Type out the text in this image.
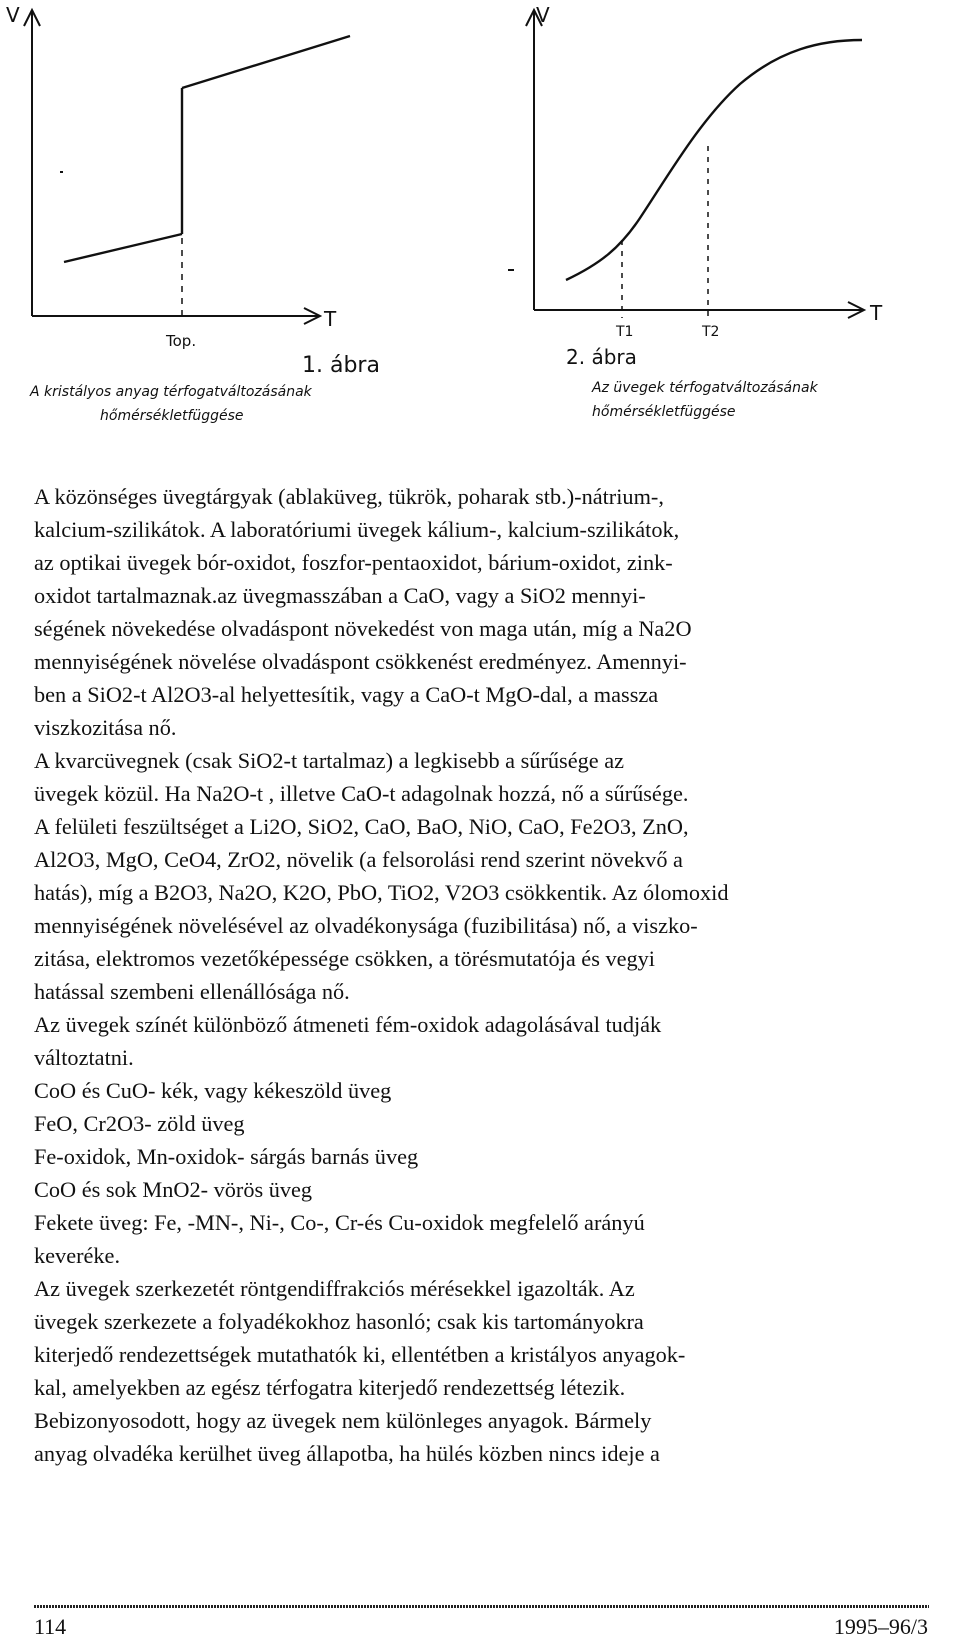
V
T
Top.
1. ábra
A kristályos anyag térfogatváltozásának
hőmérsékletfüggése
V
T
T1	T2
2. ábra
Az üvegek térfogatváltozásának
hőmérsékletfüggése
A közönséges üvegtárgyak (ablaküveg, tükrök, poharak stb.)-nátrium-,
kalcium-szilikátok. A laboratóriumi üvegek kálium-, kalcium-szilikátok,
az optikai üvegek bór-oxidot, foszfor-pentaoxidot, bárium-oxidot, zink-
oxidot tartalmaznak.az üvegmasszában a CaO, vagy a SiO2 mennyi-
ségének növekedése olvadáspont növekedést von maga után, míg a Na2O
mennyiségének növelése olvadáspont csökkenést eredményez. Amennyi-
ben a SiO2-t Al2O3-al helyettesítik, vagy a CaO-t MgO-dal, a massza
viszkozitása nő.
A kvarcüvegnek (csak SiO2-t tartalmaz) a legkisebb a sűrűsége az
üvegek közül. Ha Na2O-t , illetve CaO-t adagolnak hozzá, nő a sűrűsége.
A felületi feszültséget a Li2O, SiO2, CaO, BaO, NiO, CaO, Fe2O3, ZnO,
Al2O3, MgO, CeO4, ZrO2, növelik (a felsorolási rend szerint növekvő a
hatás), míg a B2O3, Na2O, K2O, PbO, TiO2, V2O3 csökkentik. Az ólomoxid
mennyiségének növelésével az olvadékonysága (fuzibilitása) nő, a viszko-
zitása, elektromos vezetőképessége csökken, a törésmutatója és vegyi
hatással szembeni ellenállósága nő.
Az üvegek színét különböző átmeneti fém-oxidok adagolásával tudják
változtatni.
CoO és CuO- kék, vagy kékeszöld üveg
FeO, Cr2O3- zöld üveg
Fe-oxidok, Mn-oxidok- sárgás barnás üveg
CoO és sok MnO2- vörös üveg
Fekete üveg: Fe, -MN-, Ni-, Co-, Cr-és Cu-oxidok megfelelő arányú
keveréke.
Az üvegek szerkezetét röntgendiffrakciós mérésekkel igazolták. Az
üvegek szerkezete a folyadékokhoz hasonló; csak kis tartományokra
kiterjedő rendezettségek mutathatók ki, ellentétben a kristályos anyagok-
kal, amelyekben az egész térfogatra kiterjedő rendezettség létezik.
Bebizonyosodott, hogy az üvegek nem különleges anyagok. Bármely
anyag olvadéka kerülhet üveg állapotba, ha hülés közben nincs ideje a
114	1995–96/3
